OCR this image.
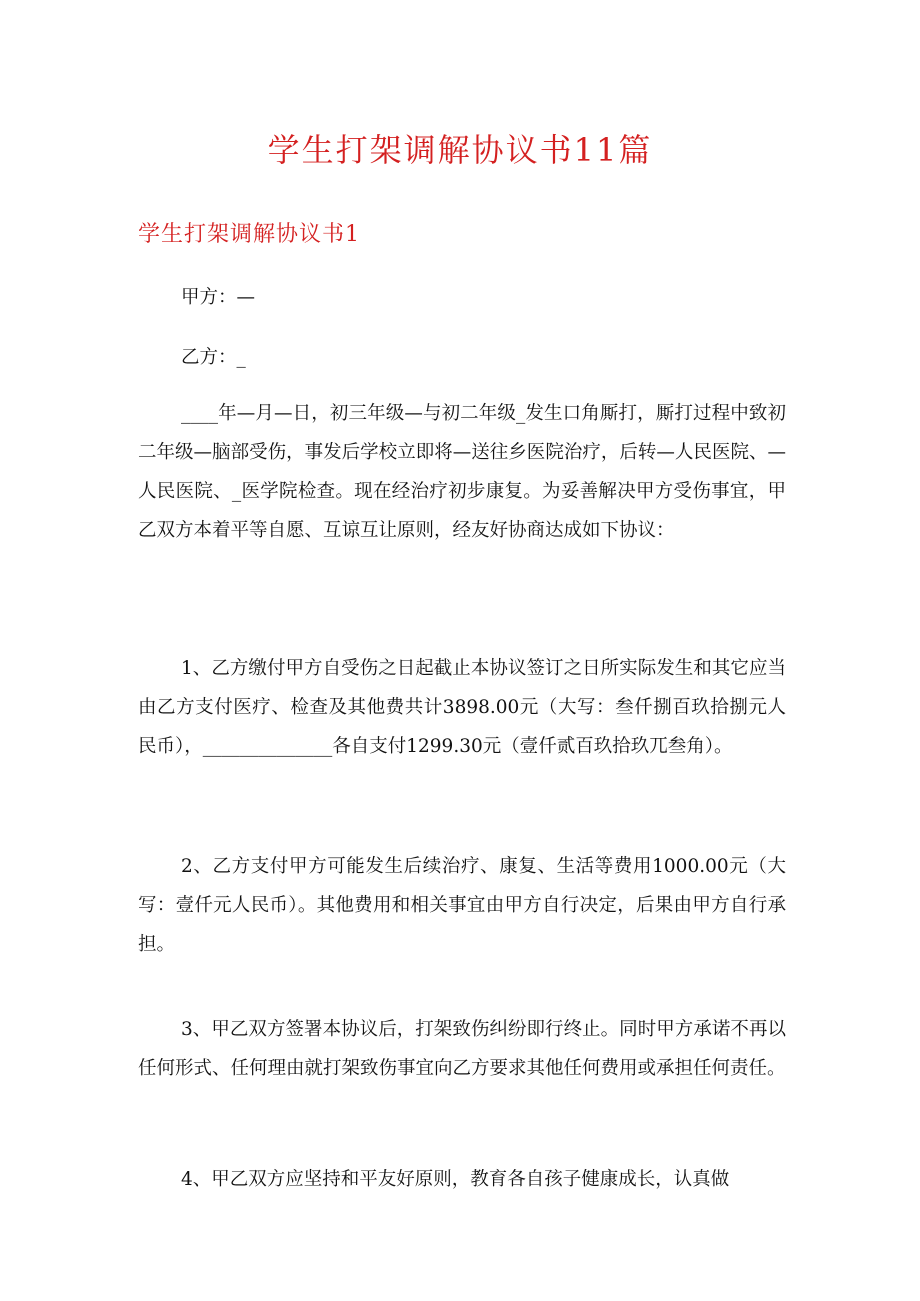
学生打架调解协议书11篇
学生打架调解协议书1

甲方：—

乙方：_

____年—月—日，初三年级—与初二年级_发生口角厮打，厮打过程中致初二年级—脑部受伤，事发后学校立即将—送往乡医院治疗，后转—人民医院、—人民医院、_医学院检查。现在经治疗初步康复。为妥善解决甲方受伤事宜，甲乙双方本着平等自愿、互谅互让原则，经友好协商达成如下协议：

1、乙方缴付甲方自受伤之日起截止本协议签订之日所实际发生和其它应当由乙方支付医疗、检查及其他费共计3898.00元（大写：叁仟捌百玖拾捌元人民币），______________各自支付1299.30元（壹仟贰百玖拾玖兀叁角）。

2、乙方支付甲方可能发生后续治疗、康复、生活等费用1000.00元（大写：壹仟元人民币）。其他费用和相关事宜由甲方自行决定，后果由甲方自行承担。

3、甲乙双方签署本协议后，打架致伤纠纷即行终止。同时甲方承诺不再以任何形式、任何理由就打架致伤事宜向乙方要求其他任何费用或承担任何责任。

4、甲乙双方应坚持和平友好原则，教育各自孩子健康成长，认真做
